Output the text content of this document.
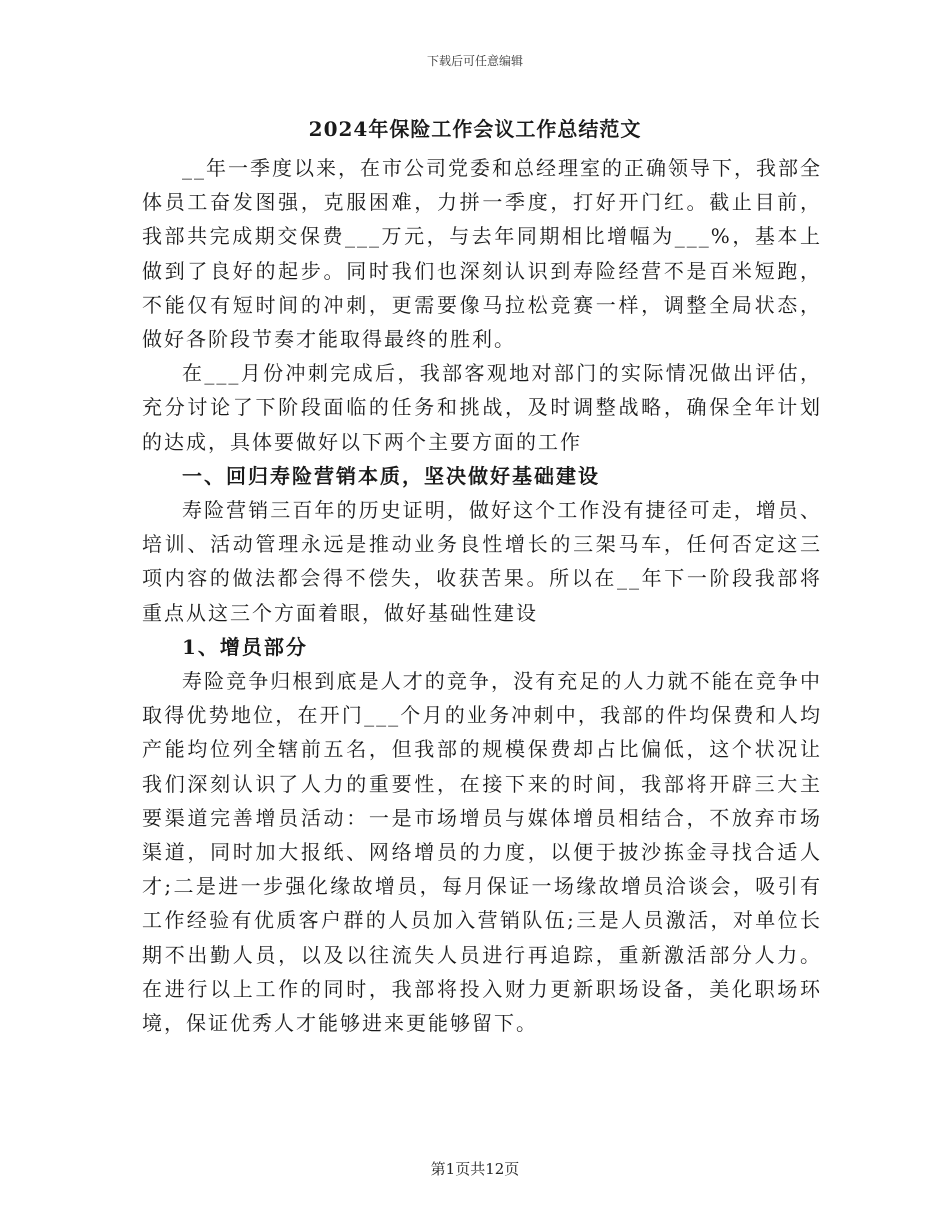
下载后可任意编辑
2024年保险工作会议工作总结范文

__年一季度以来，在市公司党委和总经理室的正确领导下，我部全体员工奋发图强，克服困难，力拼一季度，打好开门红。截止目前，我部共完成期交保费___万元，与去年同期相比增幅为___%，基本上做到了良好的起步。同时我们也深刻认识到寿险经营不是百米短跑，不能仅有短时间的冲刺，更需要像马拉松竞赛一样，调整全局状态，做好各阶段节奏才能取得最终的胜利。

在___月份冲刺完成后，我部客观地对部门的实际情况做出评估，充分讨论了下阶段面临的任务和挑战，及时调整战略，确保全年计划的达成，具体要做好以下两个主要方面的工作

一、回归寿险营销本质，坚决做好基础建设

寿险营销三百年的历史证明，做好这个工作没有捷径可走，增员、培训、活动管理永远是推动业务良性增长的三架马车，任何否定这三项内容的做法都会得不偿失，收获苦果。所以在__年下一阶段我部将重点从这三个方面着眼，做好基础性建设

1、增员部分

寿险竞争归根到底是人才的竞争，没有充足的人力就不能在竞争中取得优势地位，在开门___个月的业务冲刺中，我部的件均保费和人均产能均位列全辖前五名，但我部的规模保费却占比偏低，这个状况让我们深刻认识了人力的重要性，在接下来的时间，我部将开辟三大主要渠道完善增员活动：一是市场增员与媒体增员相结合，不放弃市场渠道，同时加大报纸、网络增员的力度，以便于披沙拣金寻找合适人才;二是进一步强化缘故增员，每月保证一场缘故增员洽谈会，吸引有工作经验有优质客户群的人员加入营销队伍;三是人员激活，对单位长期不出勤人员，以及以往流失人员进行再追踪，重新激活部分人力。在进行以上工作的同时，我部将投入财力更新职场设备，美化职场环境，保证优秀人才能够进来更能够留下。

第1页共12页
